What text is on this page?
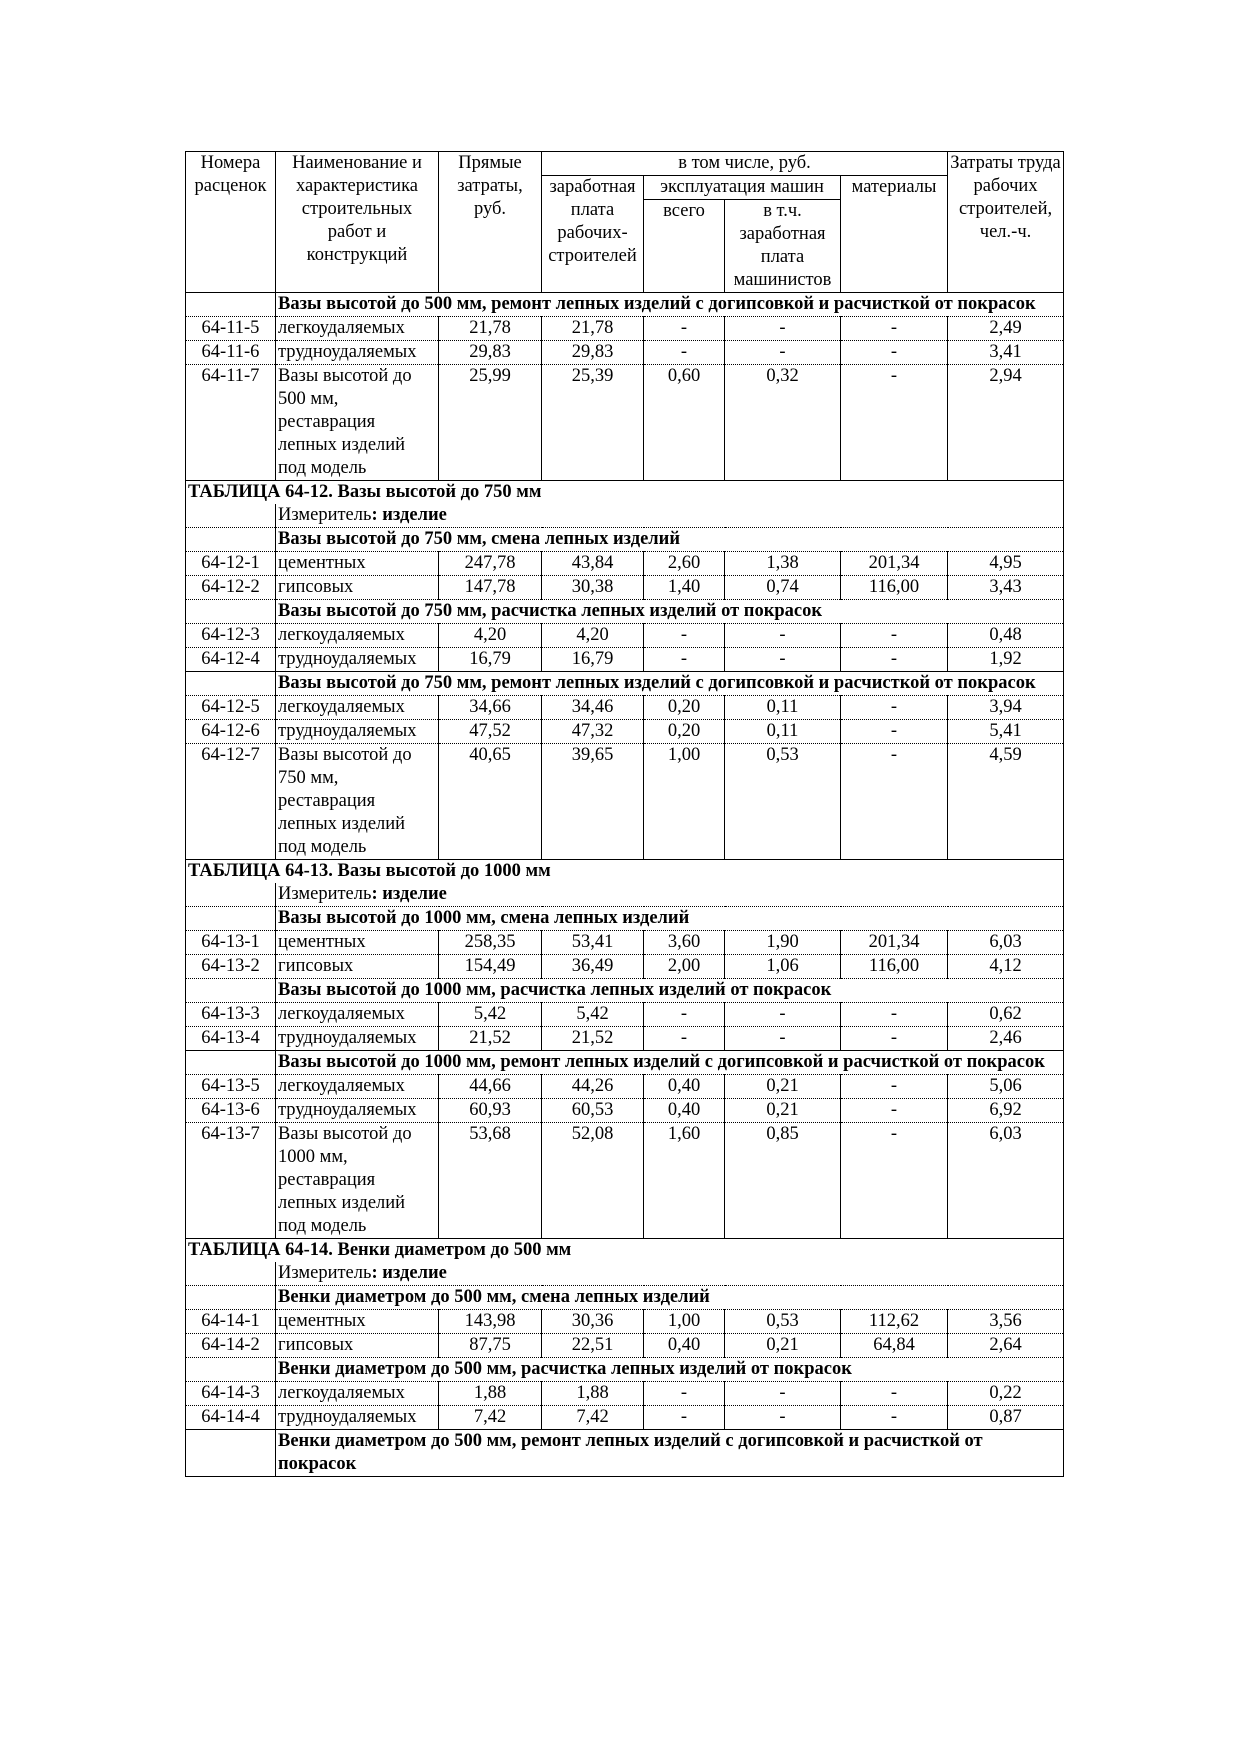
Номера расценок	Наименование и характеристика строительных работ и конструкций	Прямые затраты, руб.	в том числе, руб.				Затраты труда рабочих строителей, чел.-ч.
			заработная плата рабочих-строителей	эксплуатация машин		материалы	
				всего	в т.ч. заработная плата машинистов		
	Вазы высотой до 500 мм, ремонт лепных изделий с догипсовкой и расчисткой от покрасок						
64-11-5	легкоудаляемых	21,78	21,78	-	-	-	2,49
64-11-6	трудноудаляемых	29,83	29,83	-	-	-	3,41
64-11-7	Вазы высотой до 500 мм, реставрация лепных изделий под модель	25,99	25,39	0,60	0,32	-	2,94
ТАБЛИЦА 64-12. Вазы высотой до 750 мм							
	Измеритель: изделие						
	Вазы высотой до 750 мм, смена лепных изделий						
64-12-1	цементных	247,78	43,84	2,60	1,38	201,34	4,95
64-12-2	гипсовых	147,78	30,38	1,40	0,74	116,00	3,43
	Вазы высотой до 750 мм, расчистка лепных изделий от покрасок						
64-12-3	легкоудаляемых	4,20	4,20	-	-	-	0,48
64-12-4	трудноудаляемых	16,79	16,79	-	-	-	1,92
	Вазы высотой до 750 мм, ремонт лепных изделий с догипсовкой и расчисткой от покрасок						
64-12-5	легкоудаляемых	34,66	34,46	0,20	0,11	-	3,94
64-12-6	трудноудаляемых	47,52	47,32	0,20	0,11	-	5,41
64-12-7	Вазы высотой до 750 мм, реставрация лепных изделий под модель	40,65	39,65	1,00	0,53	-	4,59
ТАБЛИЦА 64-13. Вазы высотой до 1000 мм							
	Измеритель: изделие						
	Вазы высотой до 1000 мм, смена лепных изделий						
64-13-1	цементных	258,35	53,41	3,60	1,90	201,34	6,03
64-13-2	гипсовых	154,49	36,49	2,00	1,06	116,00	4,12
	Вазы высотой до 1000 мм, расчистка лепных изделий от покрасок						
64-13-3	легкоудаляемых	5,42	5,42	-	-	-	0,62
64-13-4	трудноудаляемых	21,52	21,52	-	-	-	2,46
	Вазы высотой до 1000 мм, ремонт лепных изделий с догипсовкой и расчисткой от покрасок						
64-13-5	легкоудаляемых	44,66	44,26	0,40	0,21	-	5,06
64-13-6	трудноудаляемых	60,93	60,53	0,40	0,21	-	6,92
64-13-7	Вазы высотой до 1000 мм, реставрация лепных изделий под модель	53,68	52,08	1,60	0,85	-	6,03
ТАБЛИЦА 64-14. Венки диаметром до 500 мм							
	Измеритель: изделие						
	Венки диаметром до 500 мм, смена лепных изделий						
64-14-1	цементных	143,98	30,36	1,00	0,53	112,62	3,56
64-14-2	гипсовых	87,75	22,51	0,40	0,21	64,84	2,64
	Венки диаметром до 500 мм, расчистка лепных изделий от покрасок						
64-14-3	легкоудаляемых	1,88	1,88	-	-	-	0,22
64-14-4	трудноудаляемых	7,42	7,42	-	-	-	0,87
	Венки диаметром до 500 мм, ремонт лепных изделий с догипсовкой и расчисткой от покрасок						
